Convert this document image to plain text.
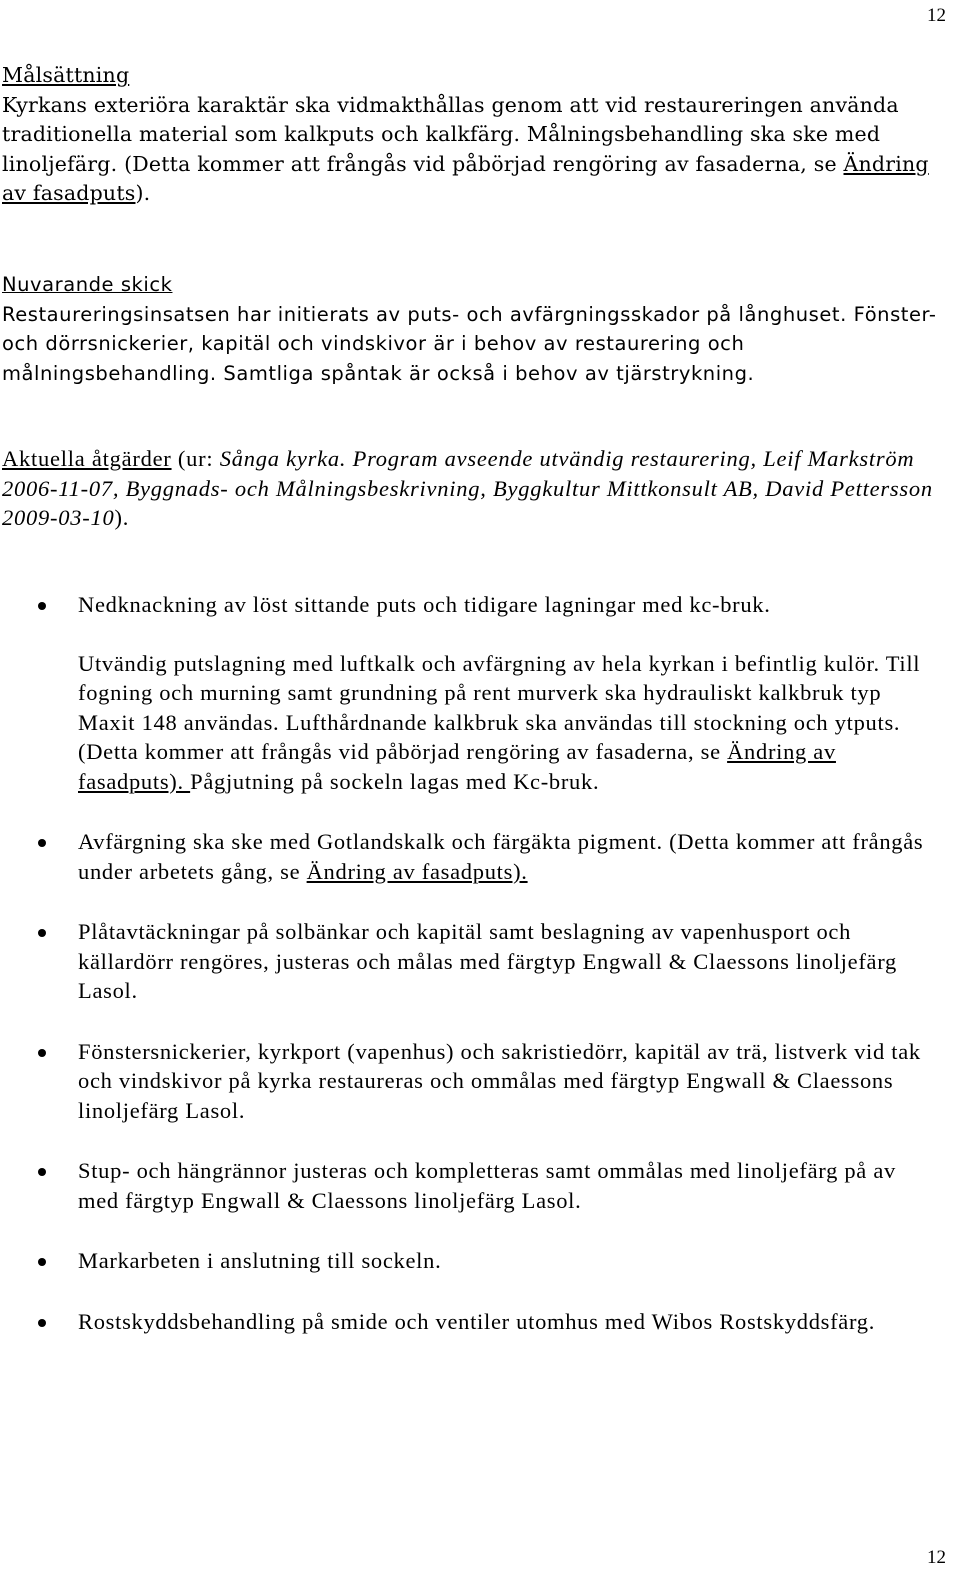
12
Målsättning

Kyrkans exteriöra karaktär ska vidmakthållas genom att vid restaureringen använda traditionella material som kalkputs och kalkfärg. Målningsbehandling ska ske med linoljefärg. (Detta kommer att frångås vid påbörjad rengöring av fasaderna, se Ändring av fasadputs).

Nuvarande skick

Restaureringsinsatsen har initierats av puts- och avfärgningsskador på långhuset. Fönster- och dörrsnickerier, kapitäl och vindskivor är i behov av restaurering och målningsbehandling. Samtliga spåntak är också i behov av tjärstrykning.

Aktuella åtgärder (ur: Sånga kyrka. Program avseende utvändig restaurering, Leif Markström 2006-11-07, Byggnads- och Målningsbeskrivning, Byggkultur Mittkonsult AB, David Pettersson 2009-03-10).

Nedknackning av löst sittande puts och tidigare lagningar med kc-bruk.
Utvändig putslagning med luftkalk och avfärgning av hela kyrkan i befintlig kulör. Till fogning och murning samt grundning på rent murverk ska hydrauliskt kalkbruk typ Maxit 148 användas. Lufthårdnande kalkbruk ska användas till stockning och ytputs. (Detta kommer att frångås vid påbörjad rengöring av fasaderna, se Ändring av fasadputs). Pågjutning på sockeln lagas med Kc-bruk.
Avfärgning ska ske med Gotlandskalk och färgäkta pigment. (Detta kommer att frångås under arbetets gång, se Ändring av fasadputs).
Plåtavtäckningar på solbänkar och kapitäl samt beslagning av vapenhusport och källardörr rengöres, justeras och målas med färgtyp Engwall & Claessons linoljefärg Lasol.
Fönstersnickerier, kyrkport (vapenhus) och sakristiedörr, kapitäl av trä, listverk vid tak och vindskivor på kyrka restaureras och ommålas med färgtyp Engwall & Claessons linoljefärg Lasol.
Stup- och hängrännor justeras och kompletteras samt ommålas med linoljefärg på av med färgtyp Engwall & Claessons linoljefärg Lasol.
Markarbeten i anslutning till sockeln.
Rostskyddsbehandling på smide och ventiler utomhus med Wibos Rostskyddsfärg.
12
